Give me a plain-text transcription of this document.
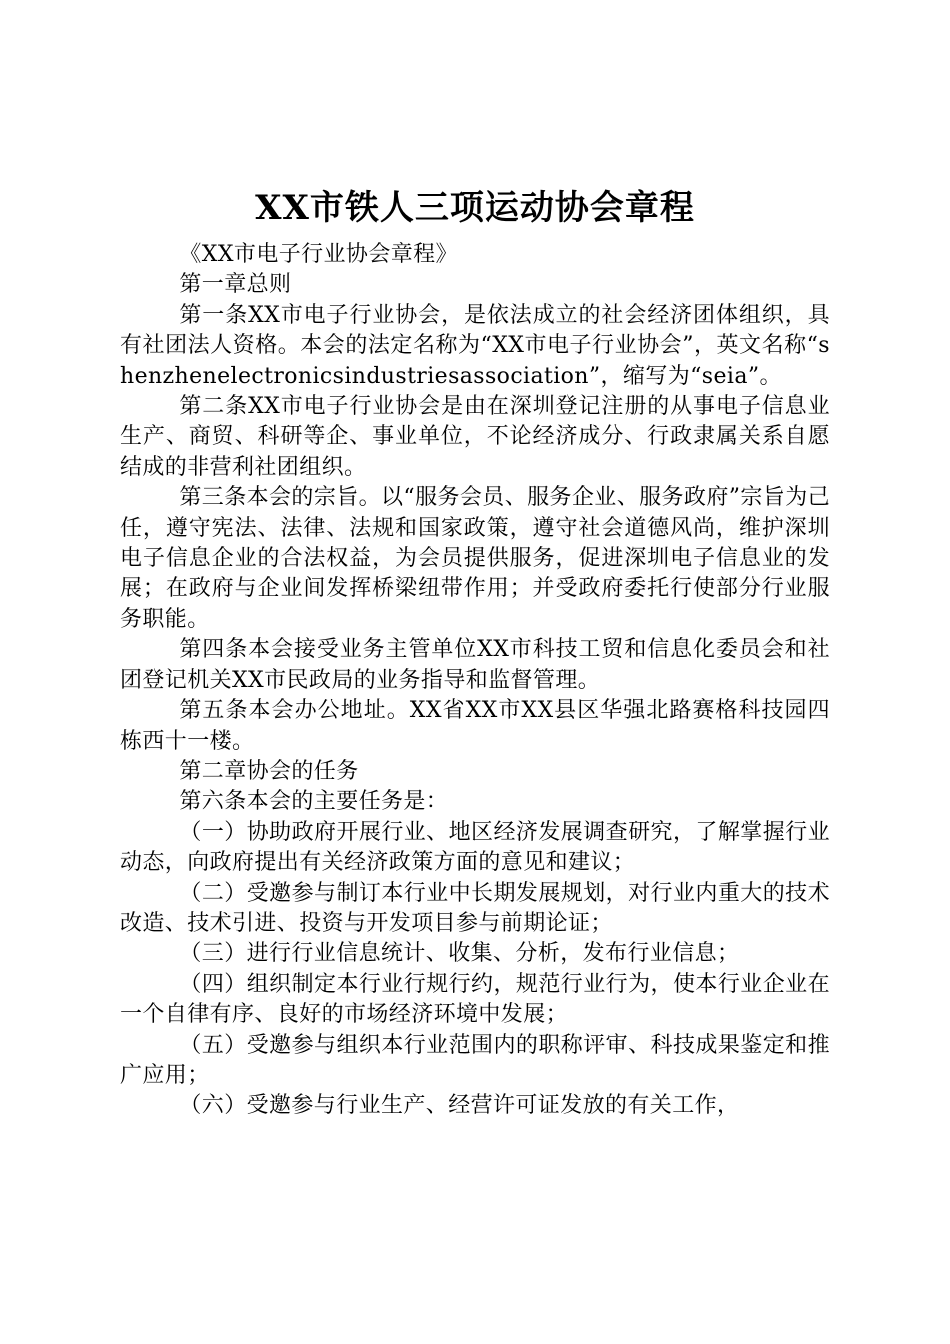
XX市铁人三项运动协会章程

《XX市电子行业协会章程》

第一章总则

第一条XX市电子行业协会，是依法成立的社会经济团体组织，具有社团法人资格。本会的法定名称为“XX市电子行业协会”，英文名称“shenzhenelectronicsindustriesassociation”，缩写为“seia”。

第二条XX市电子行业协会是由在深圳登记注册的从事电子信息业生产、商贸、科研等企、事业单位，不论经济成分、行政隶属关系自愿结成的非营利社团组织。

第三条本会的宗旨。以“服务会员、服务企业、服务政府”宗旨为己任，遵守宪法、法律、法规和国家政策，遵守社会道德风尚，维护深圳电子信息企业的合法权益，为会员提供服务，促进深圳电子信息业的发展；在政府与企业间发挥桥梁纽带作用；并受政府委托行使部分行业服务职能。

第四条本会接受业务主管单位XX市科技工贸和信息化委员会和社团登记机关XX市民政局的业务指导和监督管理。

第五条本会办公地址。XX省XX市XX县区华强北路赛格科技园四栋西十一楼。

第二章协会的任务

第六条本会的主要任务是：

（一）协助政府开展行业、地区经济发展调查研究，了解掌握行业动态，向政府提出有关经济政策方面的意见和建议；

（二）受邀参与制订本行业中长期发展规划，对行业内重大的技术改造、技术引进、投资与开发项目参与前期论证；

（三）进行行业信息统计、收集、分析，发布行业信息；

（四）组织制定本行业行规行约，规范行业行为，使本行业企业在一个自律有序、良好的市场经济环境中发展；

（五）受邀参与组织本行业范围内的职称评审、科技成果鉴定和推广应用；

（六）受邀参与行业生产、经营许可证发放的有关工作，
